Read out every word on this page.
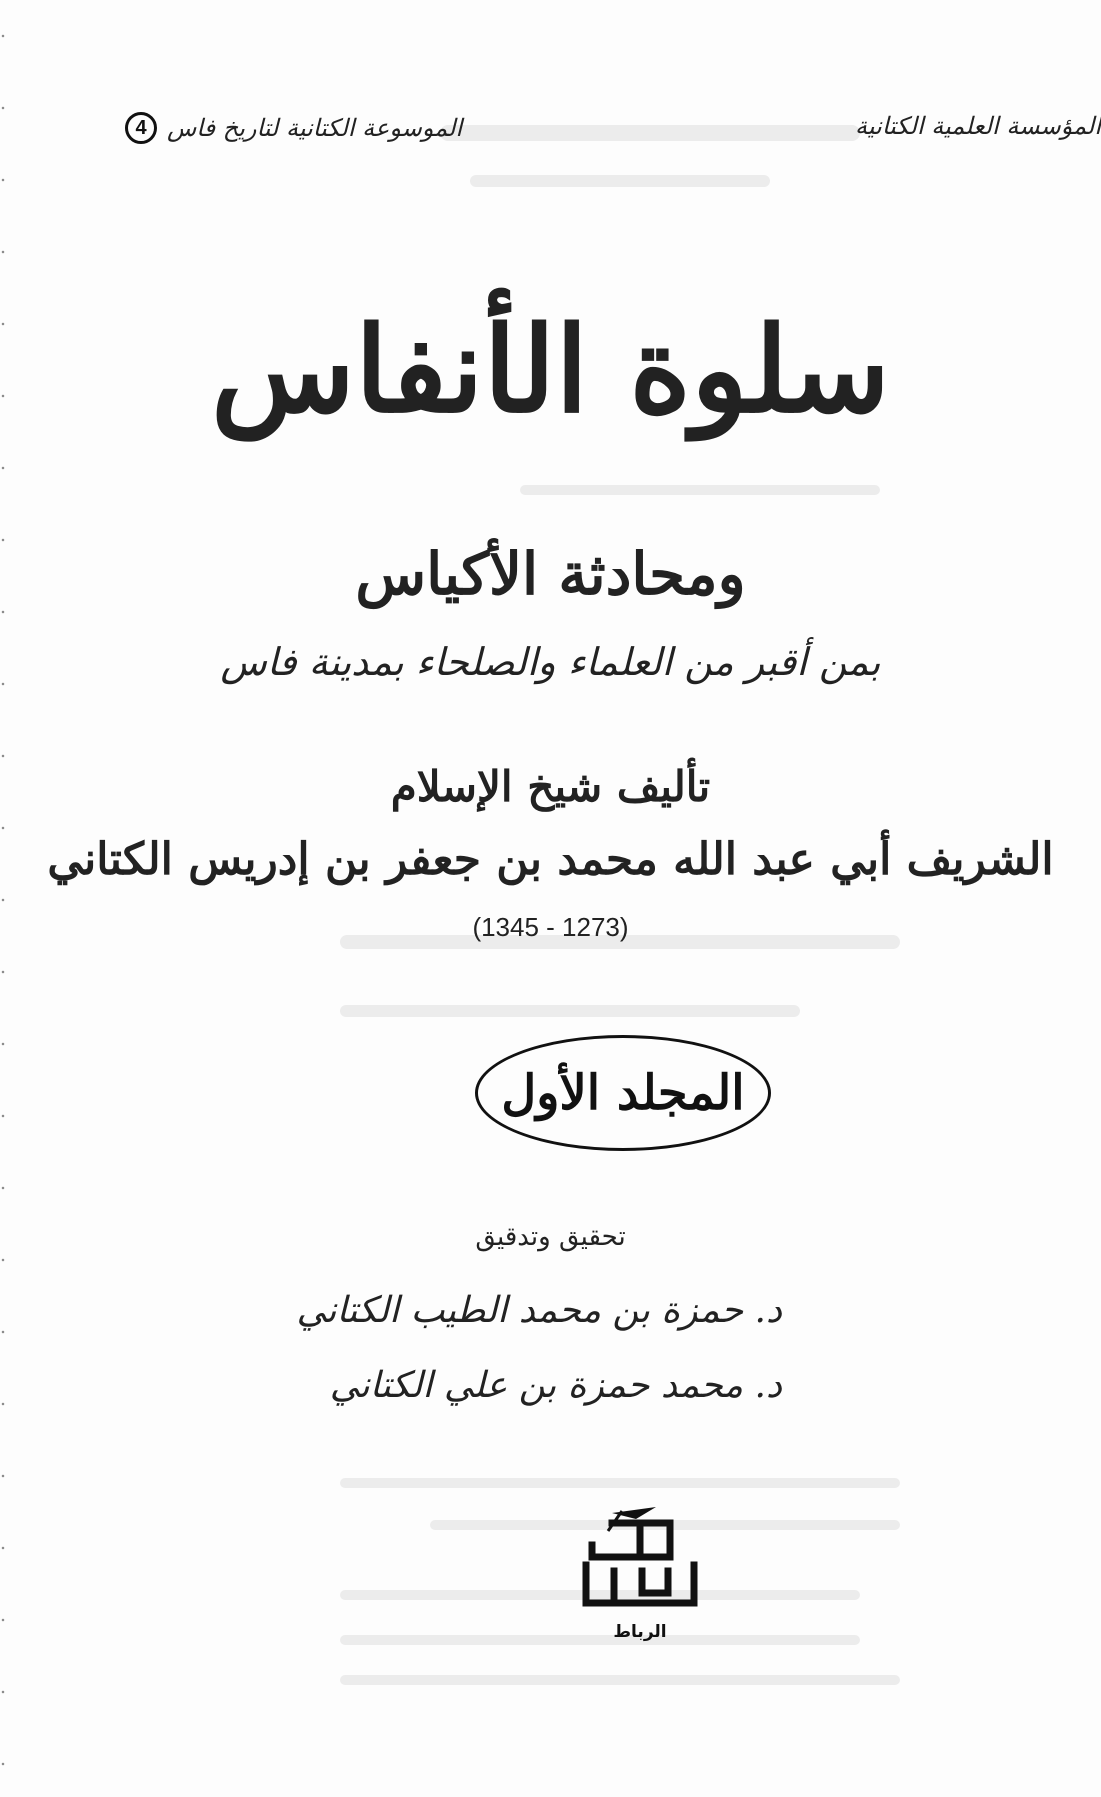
المؤسسة العلمية الكتانية
الموسوعة الكتانية لتاريخ فاس
4
سلوة الأنفاس
ومحادثة الأكياس
بمن أقبر من العلماء والصلحاء بمدينة فاس
تأليف شيخ الإسلام
الشريف أبي عبد الله محمد بن جعفر بن إدريس الكتاني
(1345 - 1273)
المجلد الأول
تحقيق وتدقيق
د. حمزة بن محمد الطيب الكتاني
د. محمد حمزة بن علي الكتاني
الرباط
